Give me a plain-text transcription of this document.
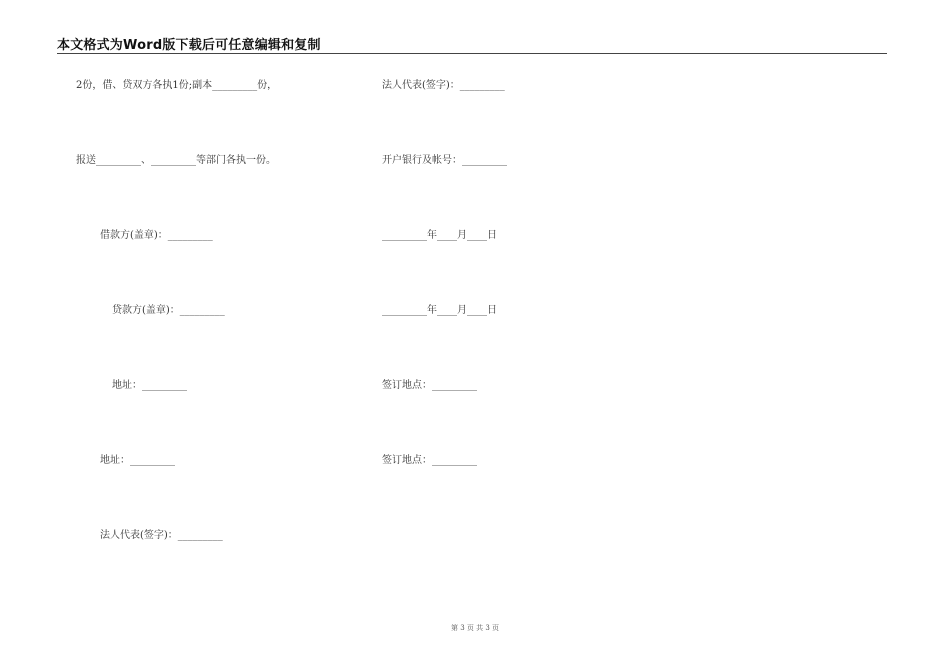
本文格式为Word版下载后可任意编辑和复制
2份，借、贷双方各执1份;副本_________份，
报送_________、_________等部门各执一份。
借款方(盖章)：_________
贷款方(盖章)：_________
地址：_________
地址：_________
法人代表(签字)：_________
法人代表(签字)：_________
开户银行及帐号：_________
_________年____月____日
_________年____月____日
签订地点：_________
签订地点：_________
第 3 页 共 3 页
